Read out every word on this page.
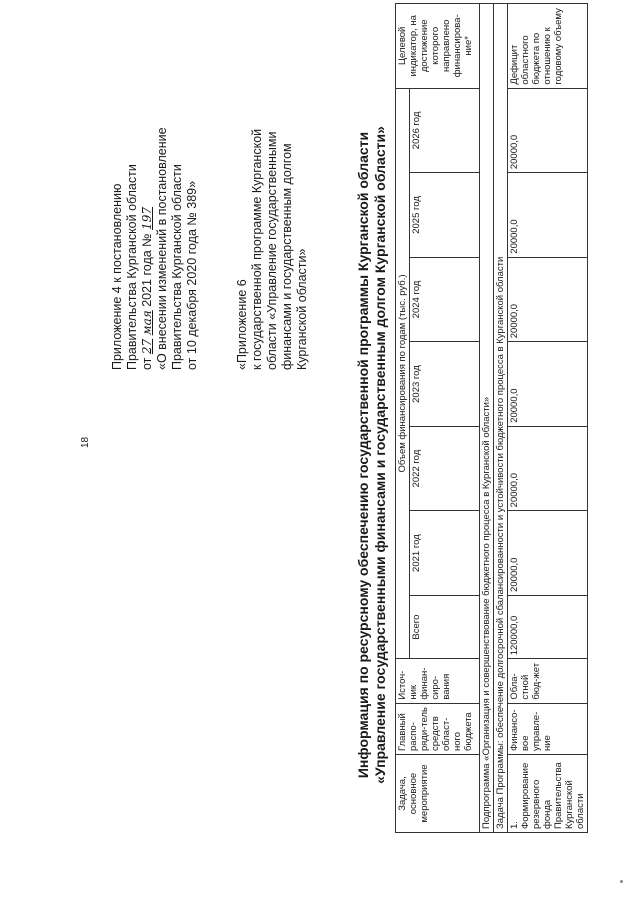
18
Приложение 4 к постановлению Правительства Курганской области от 27 мая 2021 года № 197 «О внесении изменений в постановление Правительства Курганской области от 10 декабря 2020 года № 389»	«Приложение 6 к государственной программе Курганской области «Управление государственными финансами и государственным долгом Курганской области»	Информация по ресурсному обеспечению государственной программы Курганской области «Управление государственными финансами и государственным долгом Курганской области»
Задача, основное мероприятие	Главный распо-ряди-тель средств област-ного бюджета	Источ-ник финан-сиро-вания	Объем финансирования по годам (тыс. руб.)							Целевой индикатор, на достижение которого направлено финансирова-ние*
			Всего	2021 год	2022 год	2023 год	2024 год	2025 год	2026 год	
Подпрограмма «Организация и совершенствование бюджетного процесса в Курганской области»										
Задача Программы: обеспечение долгосрочной сбалансированности и устойчивости бюджетного процесса в Курганской области										
1. Формирование резервного фонда Правительства Курганской области	Финансо-вое управле-ние	Обла-стной бюд-жет	120000,0	20000,0	20000,0	20000,0	20000,0	20000,0	20000,0	Дефицит областного бюджета по отношению к годовому объему
